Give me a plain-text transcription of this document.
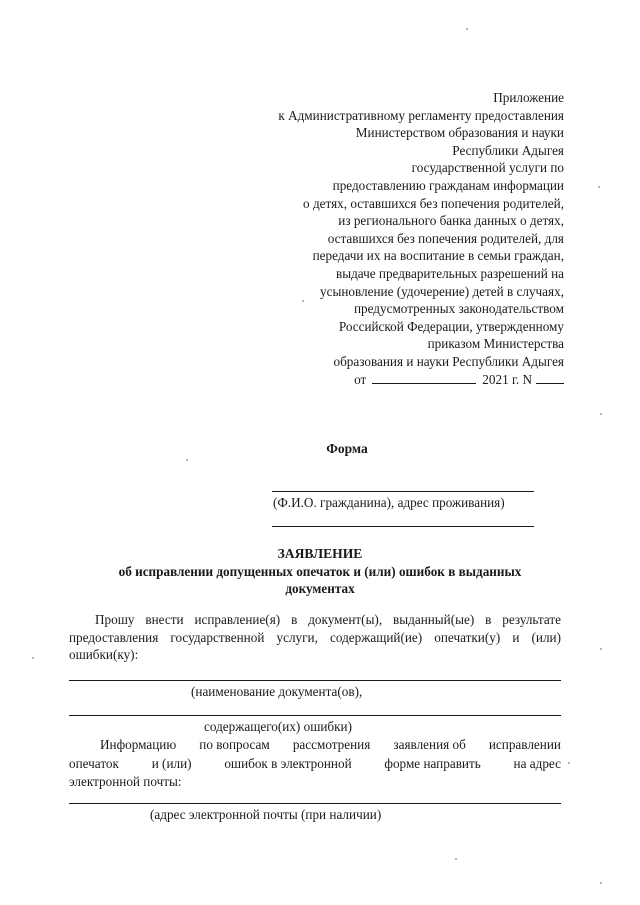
Приложение
к Административному регламенту предоставления
Министерством образования и науки
Республики Адыгея
государственной услуги по
предоставлению гражданам информации
о детях, оставшихся без попечения родителей,
из регионального банка данных о детях,
оставшихся без попечения родителей, для
передачи их на воспитание в семьи граждан,
выдаче предварительных разрешений на
усыновление (удочерение) детей в случаях,
предусмотренных законодательством
Российской Федерации, утвержденному
приказом Министерства
образования и науки Республики Адыгея
от	2021 г. N
Форма
(Ф.И.О. гражданина), адрес проживания)
ЗАЯВЛЕНИЕ
об исправлении допущенных опечаток и (или) ошибок в выданных документах

Прошу внести исправление(я) в документ(ы), выданный(ые) в результате предоставления государственной услуги, содержащий(ие) опечатки(у) и (или) ошибки(ку):

(наименование документа(ов),
содержащего(их) ошибки)
Информацию по вопросам рассмотрения заявления об исправлении
опечаток и (или) ошибок в электронной форме направить на адрес
электронной почты:
(адрес электронной почты (при наличии)
